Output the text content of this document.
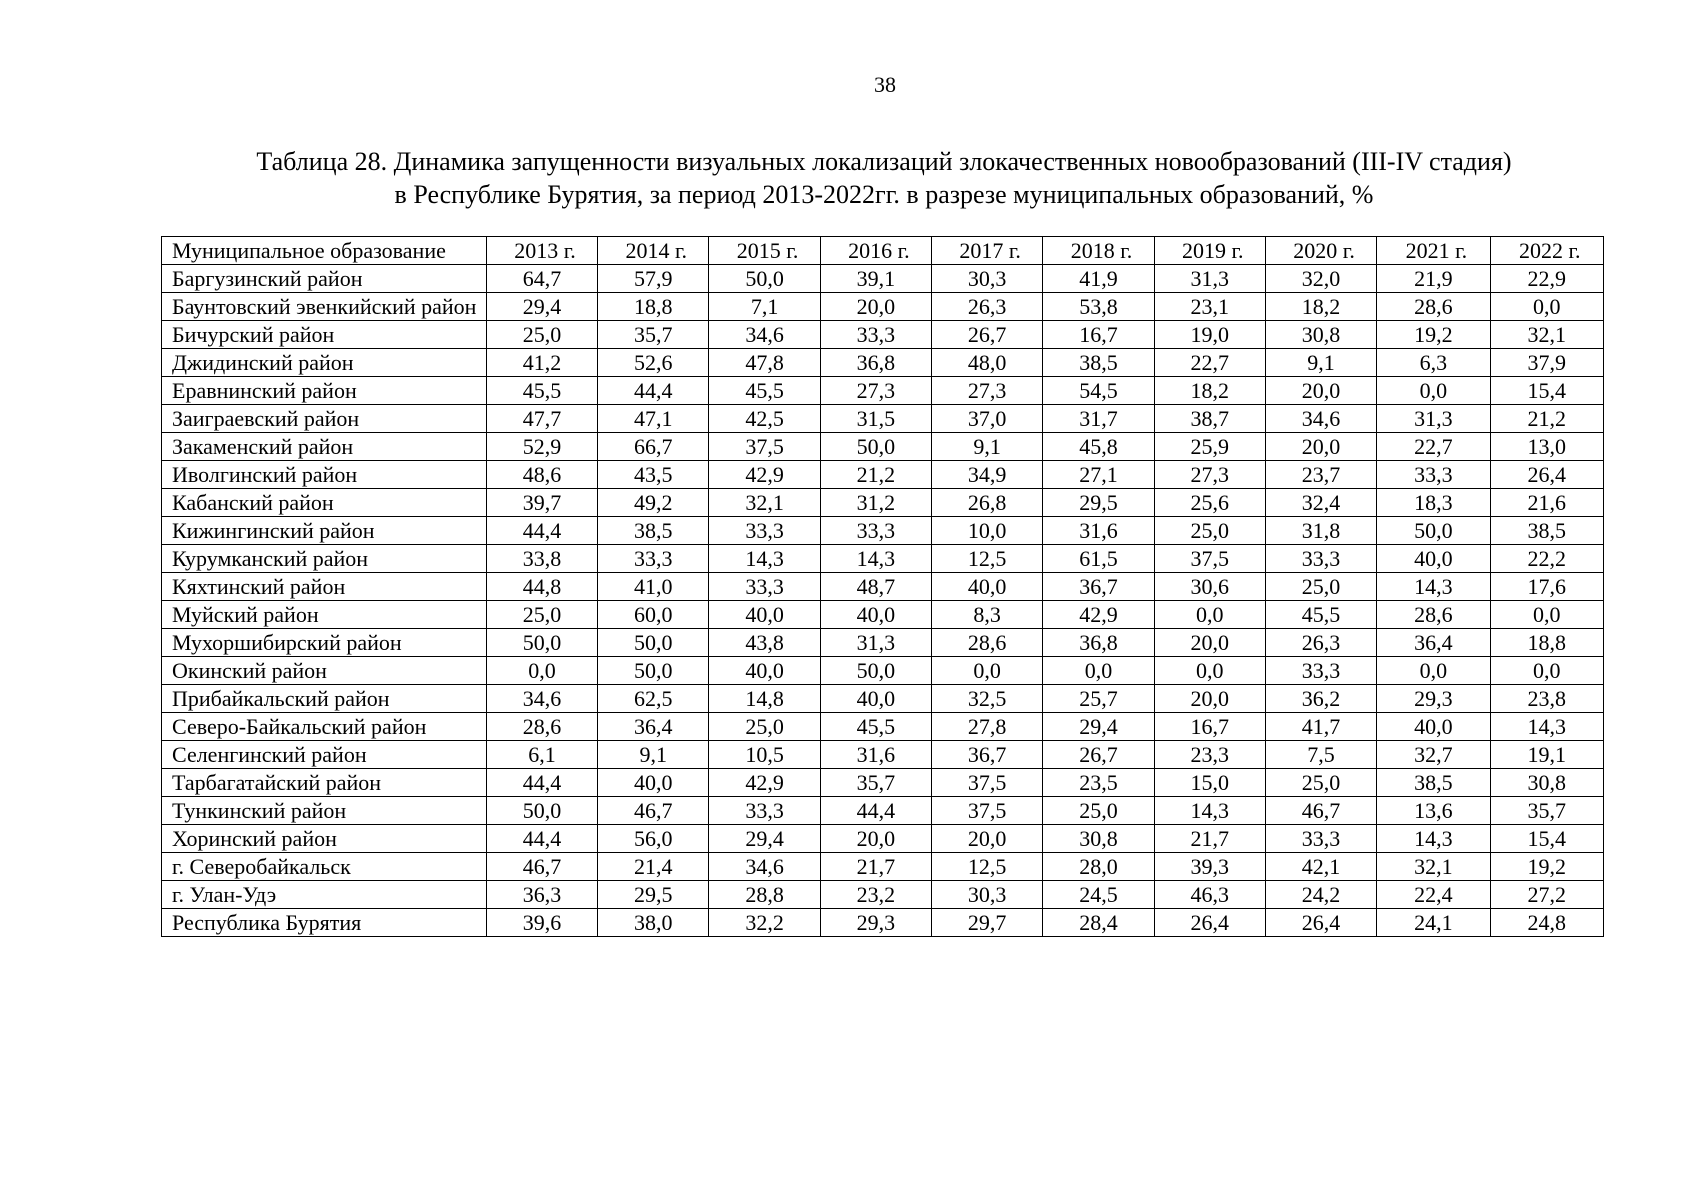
38
Таблица 28. Динамика запущенности визуальных локализаций злокачественных новообразований (III-IV стадия)
в Республике Бурятия, за период 2013-2022гг. в разрезе муниципальных образований, %
Муниципальное образование	2013 г.	2014 г.	2015 г.	2016 г.	2017 г.	2018 г.	2019 г.	2020 г.	2021 г.	2022 г.
Баргузинский район	64,7	57,9	50,0	39,1	30,3	41,9	31,3	32,0	21,9	22,9
Баунтовский эвенкийский район	29,4	18,8	7,1	20,0	26,3	53,8	23,1	18,2	28,6	0,0
Бичурский район	25,0	35,7	34,6	33,3	26,7	16,7	19,0	30,8	19,2	32,1
Джидинский район	41,2	52,6	47,8	36,8	48,0	38,5	22,7	9,1	6,3	37,9
Еравнинский район	45,5	44,4	45,5	27,3	27,3	54,5	18,2	20,0	0,0	15,4
Заиграевский район	47,7	47,1	42,5	31,5	37,0	31,7	38,7	34,6	31,3	21,2
Закаменский район	52,9	66,7	37,5	50,0	9,1	45,8	25,9	20,0	22,7	13,0
Иволгинский район	48,6	43,5	42,9	21,2	34,9	27,1	27,3	23,7	33,3	26,4
Кабанский район	39,7	49,2	32,1	31,2	26,8	29,5	25,6	32,4	18,3	21,6
Кижингинский район	44,4	38,5	33,3	33,3	10,0	31,6	25,0	31,8	50,0	38,5
Курумканский район	33,8	33,3	14,3	14,3	12,5	61,5	37,5	33,3	40,0	22,2
Кяхтинский район	44,8	41,0	33,3	48,7	40,0	36,7	30,6	25,0	14,3	17,6
Муйский район	25,0	60,0	40,0	40,0	8,3	42,9	0,0	45,5	28,6	0,0
Мухоршибирский район	50,0	50,0	43,8	31,3	28,6	36,8	20,0	26,3	36,4	18,8
Окинский район	0,0	50,0	40,0	50,0	0,0	0,0	0,0	33,3	0,0	0,0
Прибайкальский район	34,6	62,5	14,8	40,0	32,5	25,7	20,0	36,2	29,3	23,8
Северо-Байкальский район	28,6	36,4	25,0	45,5	27,8	29,4	16,7	41,7	40,0	14,3
Селенгинский район	6,1	9,1	10,5	31,6	36,7	26,7	23,3	7,5	32,7	19,1
Тарбагатайский район	44,4	40,0	42,9	35,7	37,5	23,5	15,0	25,0	38,5	30,8
Тункинский район	50,0	46,7	33,3	44,4	37,5	25,0	14,3	46,7	13,6	35,7
Хоринский район	44,4	56,0	29,4	20,0	20,0	30,8	21,7	33,3	14,3	15,4
г. Северобайкальск	46,7	21,4	34,6	21,7	12,5	28,0	39,3	42,1	32,1	19,2
г. Улан-Удэ	36,3	29,5	28,8	23,2	30,3	24,5	46,3	24,2	22,4	27,2
Республика Бурятия	39,6	38,0	32,2	29,3	29,7	28,4	26,4	26,4	24,1	24,8
